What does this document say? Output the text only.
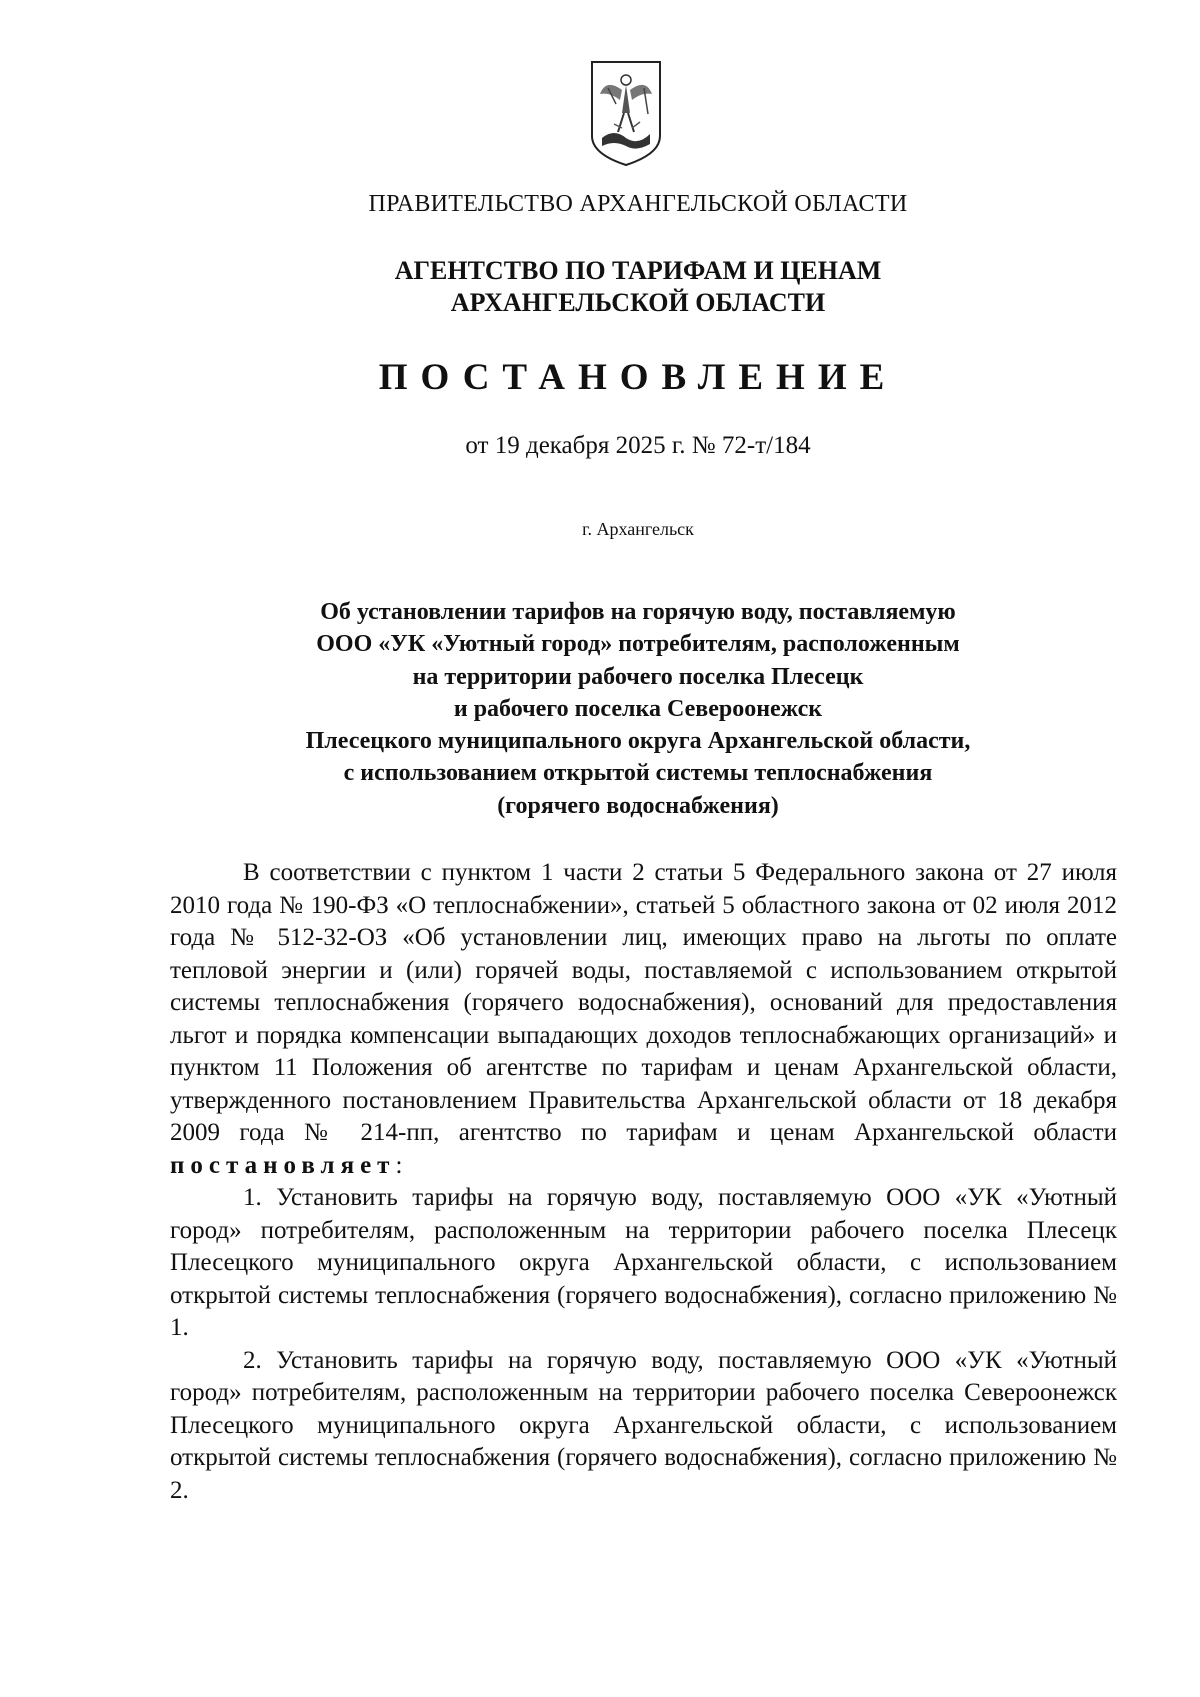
ПРАВИТЕЛЬСТВО АРХАНГЕЛЬСКОЙ ОБЛАСТИ
АГЕНТСТВО ПО ТАРИФАМ И ЦЕНАМ
АРХАНГЕЛЬСКОЙ ОБЛАСТИ
ПОСТАНОВЛЕНИЕ
от 19 декабря 2025 г. № 72-т/184
г. Архангельск
Об установлении тарифов на горячую воду, поставляемую
ООО «УК «Уютный город» потребителям, расположенным
на территории рабочего поселка Плесецк
и рабочего поселка Североонежск
Плесецкого муниципального округа Архангельской области,
с использованием открытой системы теплоснабжения
(горячего водоснабжения)

В соответствии с пунктом 1 части 2 статьи 5 Федерального закона от 27 июля 2010 года № 190-ФЗ «О теплоснабжении», статьей 5 областного закона от 02 июля 2012 года № 512-32-ОЗ «Об установлении лиц, имеющих право на льготы по оплате тепловой энергии и (или) горячей воды, поставляемой с использованием открытой системы теплоснабжения (горячего водоснабжения), оснований для предоставления льгот и порядка компенсации выпадающих доходов теплоснабжающих организаций» и пунктом 11 Положения об агентстве по тарифам и ценам Архангельской области, утвержденного постановлением Правительства Архангельской области от 18 декабря 2009 года № 214-пп, агентство по тарифам и ценам Архангельской области постановляет:

1. Установить тарифы на горячую воду, поставляемую ООО «УК «Уютный город» потребителям, расположенным на территории рабочего поселка Плесецк Плесецкого муниципального округа Архангельской области, с использованием открытой системы теплоснабжения (горячего водоснабжения), согласно приложению № 1.

2. Установить тарифы на горячую воду, поставляемую ООО «УК «Уютный город» потребителям, расположенным на территории рабочего поселка Североонежск Плесецкого муниципального округа Архангельской области, с использованием открытой системы теплоснабжения (горячего водоснабжения), согласно приложению № 2.
